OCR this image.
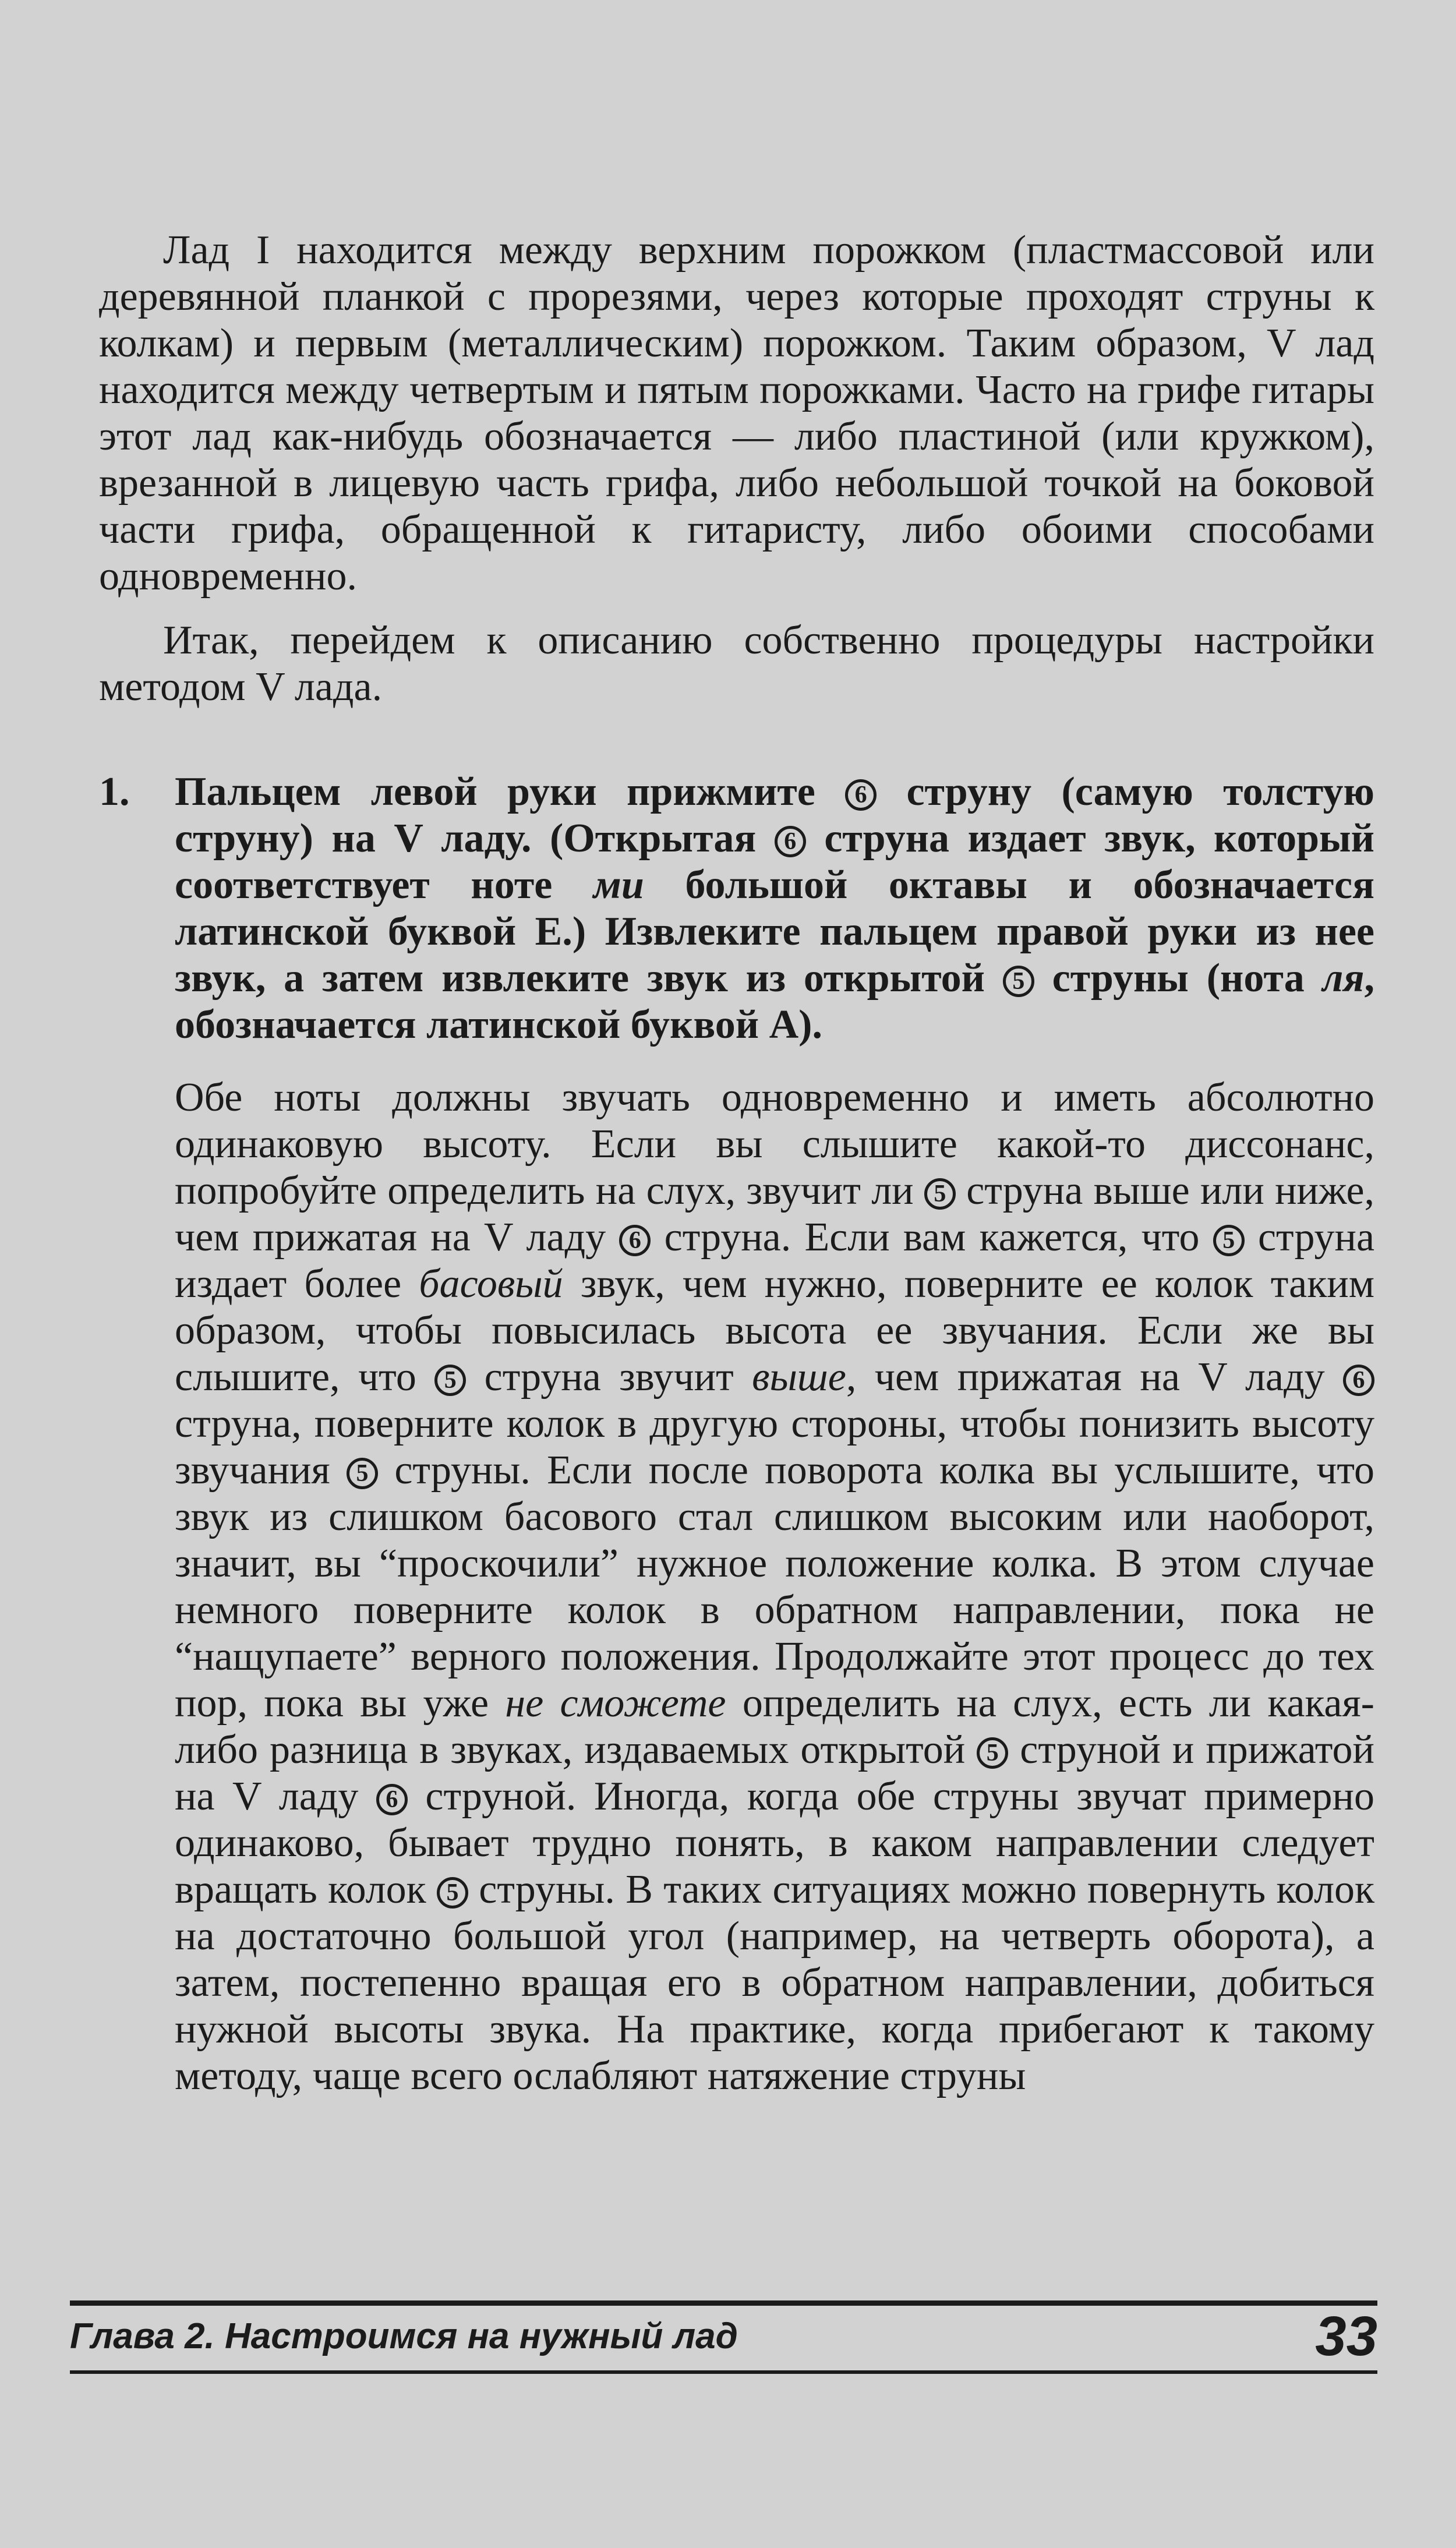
Лад I находится между верхним порожком (пластмассовой или деревянной планкой с прорезями, через которые проходят струны к колкам) и первым (металлическим) порожком. Таким образом, V лад находится между четвертым и пятым порожками. Часто на грифе гитары этот лад как-нибудь обозначается — либо пластиной (или кружком), врезанной в лицевую часть грифа, либо небольшой точкой на боковой части грифа, обращенной к гитаристу, либо обоими способами одновременно.

Итак, перейдем к описанию собственно процедуры настройки методом V лада.

1.	Пальцем левой руки прижмите 6 струну (самую толстую струну) на V ладу. (Открытая 6 струна издает звук, который соответствует ноте ми большой октавы и обозначается латинской буквой E.) Извлеките пальцем правой руки из нее звук, а затем извлеките звук из открытой 5 струны (нота ля, обозначается латинской буквой A).

Обе ноты должны звучать одновременно и иметь абсолютно одинаковую высоту. Если вы слышите какой-то диссонанс, попробуйте определить на слух, звучит ли 5 струна выше или ниже, чем прижатая на V ладу 6 струна. Если вам кажется, что 5 струна издает более басовый звук, чем нужно, поверните ее колок таким образом, чтобы повысилась высота ее звучания. Если же вы слышите, что 5 струна звучит выше, чем прижатая на V ладу 6 струна, поверните колок в другую стороны, чтобы понизить высоту звучания 5 струны. Если после поворота колка вы услышите, что звук из слишком басового стал слишком высоким или наоборот, значит, вы “проскочили” нужное положение колка. В этом случае немного поверните колок в обратном направлении, пока не “нащупаете” верного положения. Продолжайте этот процесс до тех пор, пока вы уже не сможете определить на слух, есть ли какая-либо разница в звуках, издаваемых открытой 5 струной и прижатой на V ладу 6 струной. Иногда, когда обе струны звучат примерно одинаково, бывает трудно понять, в каком направлении следует вращать колок 5 струны. В таких ситуациях можно повернуть колок на достаточно большой угол (например, на четверть оборота), а затем, постепенно вращая его в обратном направлении, добиться нужной высоты звука. На практике, когда прибегают к такому методу, чаще всего ослабляют натяжение струны

Глава 2. Настроимся на нужный лад	33
